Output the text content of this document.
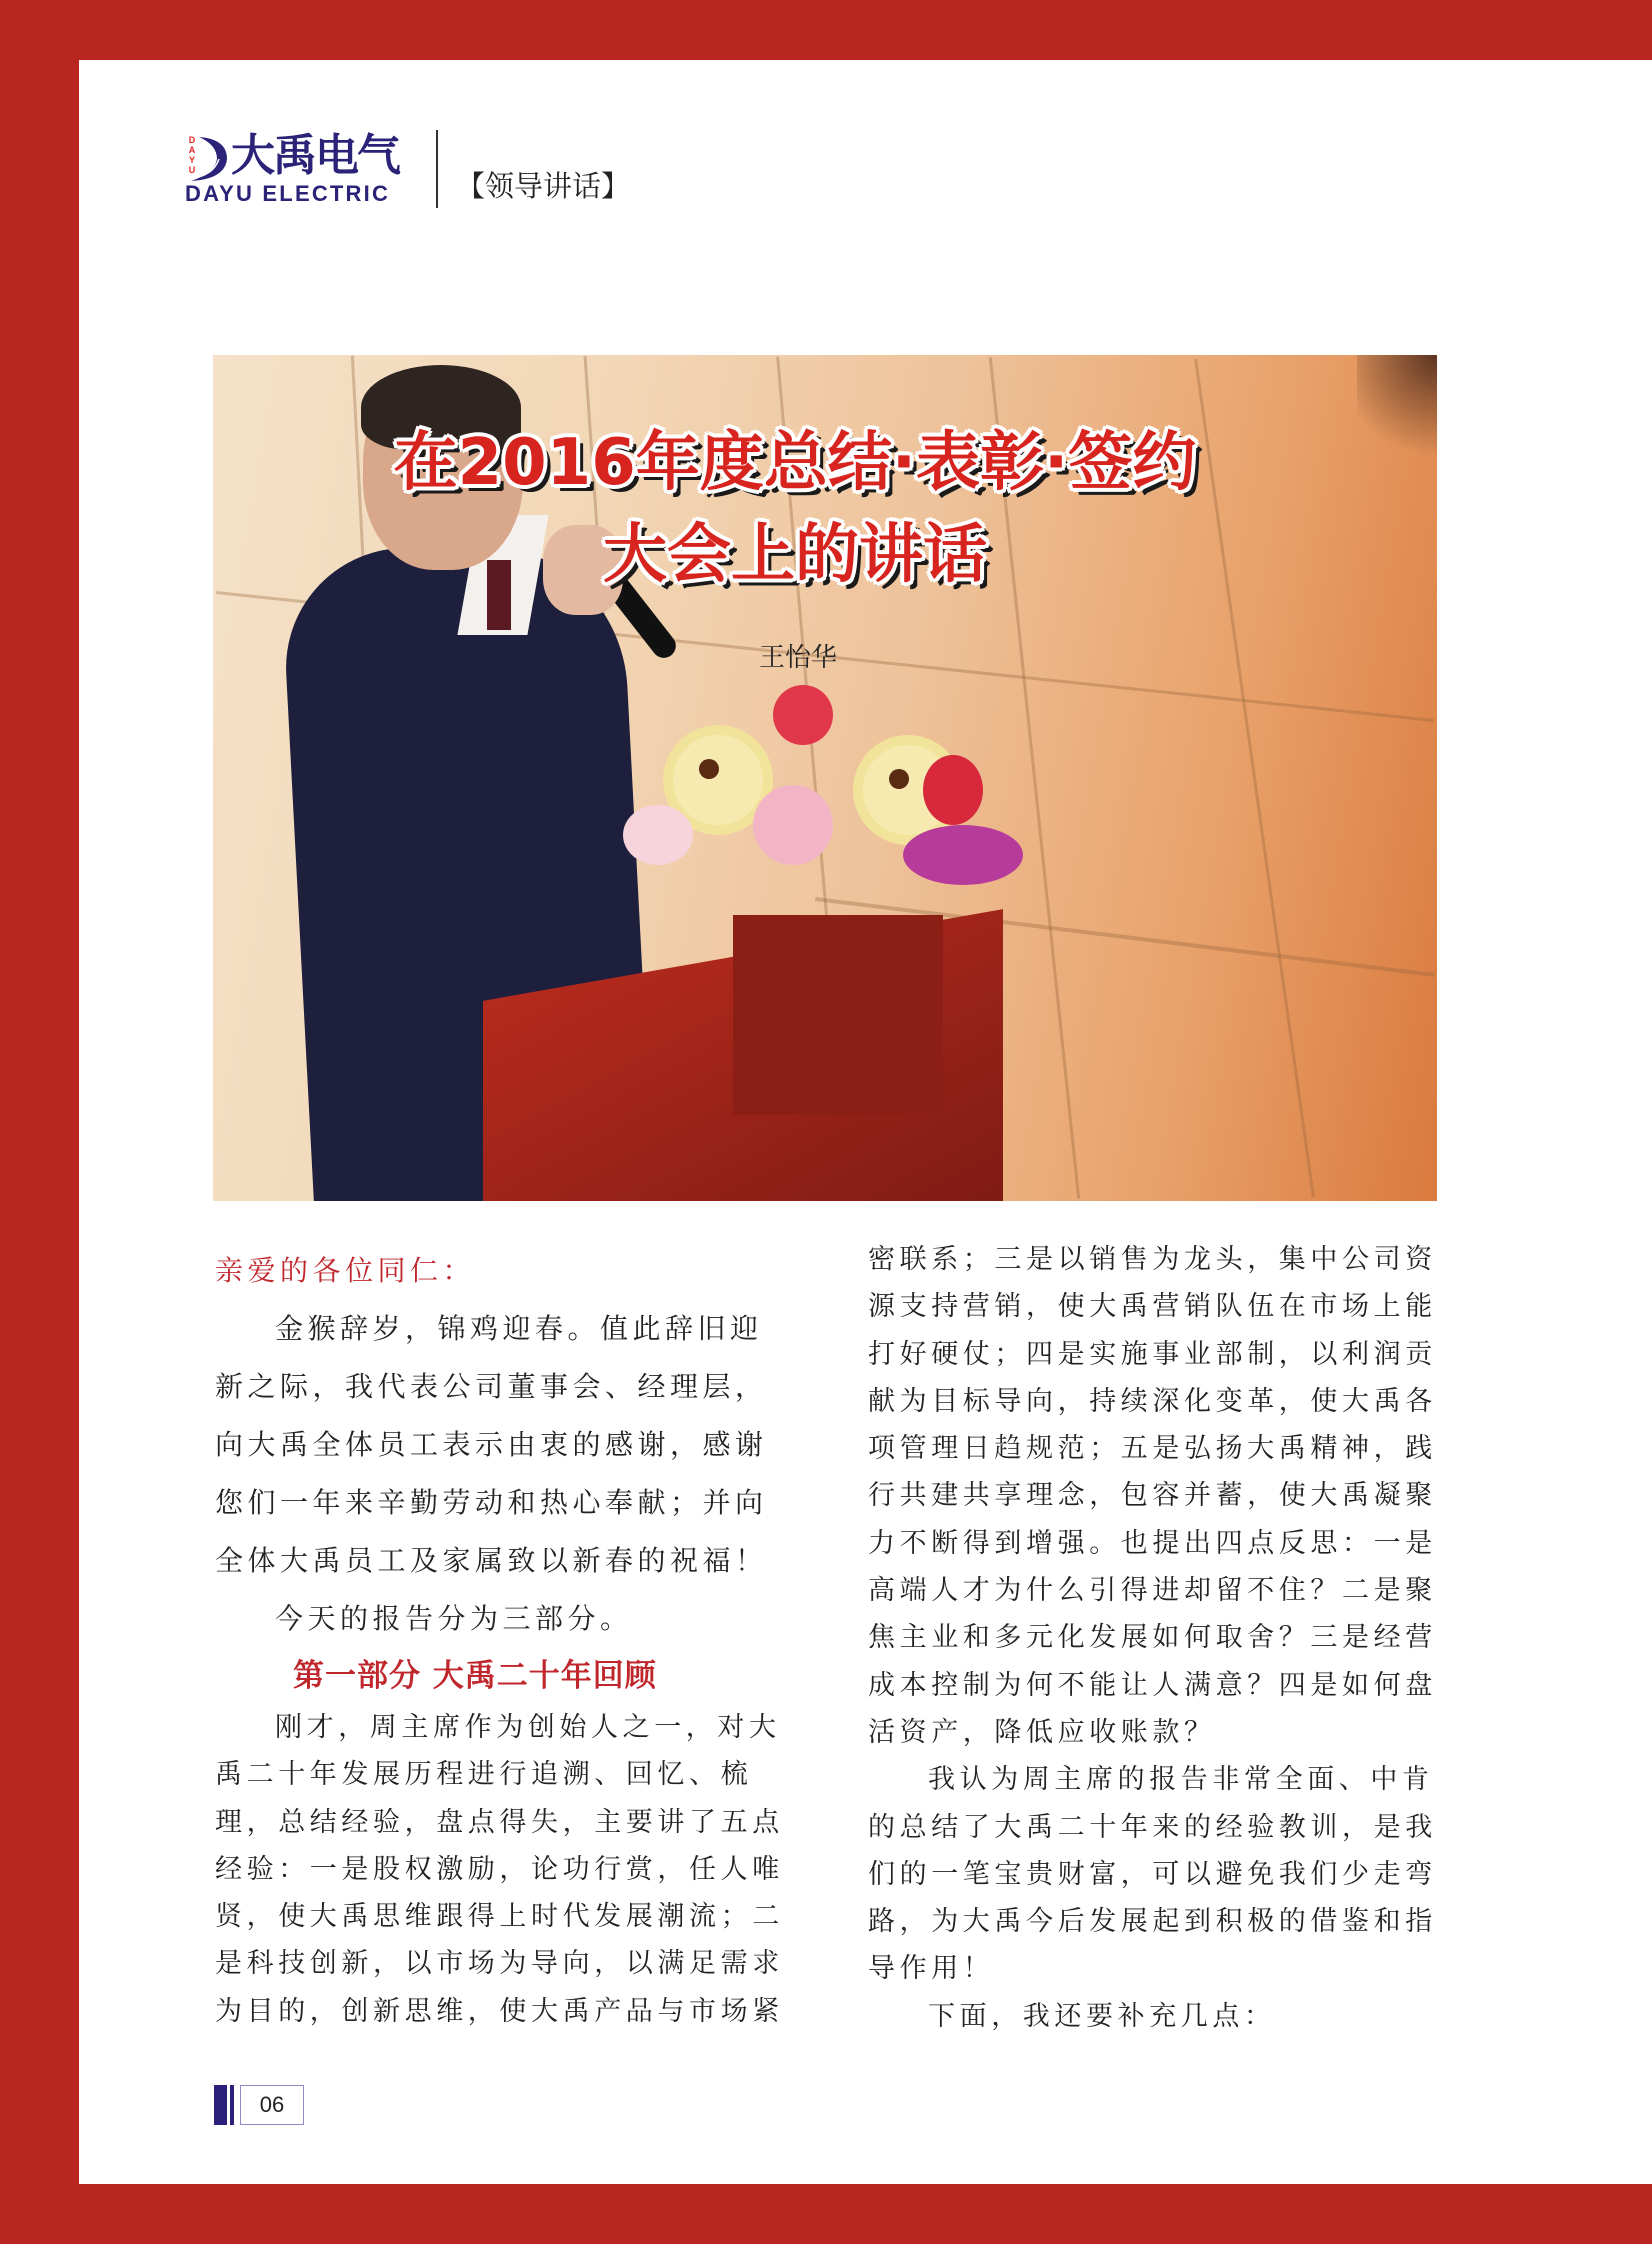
D
A
Y
U 大禹电气
DAYU ELECTRIC 【领导讲话】
在2016年度总结·表彰·签约
大会上的讲话
王怡华
亲爱的各位同仁：
金猴辞岁，锦鸡迎春。值此辞旧迎
新之际，我代表公司董事会、经理层，
向大禹全体员工表示由衷的感谢，感谢
您们一年来辛勤劳动和热心奉献；并向
全体大禹员工及家属致以新春的祝福！
今天的报告分为三部分。
第一部分 大禹二十年回顾
刚才，周主席作为创始人之一，对大
禹二十年发展历程进行追溯、回忆、梳
理，总结经验，盘点得失，主要讲了五点
经验：一是股权激励，论功行赏，任人唯
贤，使大禹思维跟得上时代发展潮流；二
是科技创新，以市场为导向，以满足需求
为目的，创新思维，使大禹产品与市场紧
密联系；三是以销售为龙头，集中公司资
源支持营销，使大禹营销队伍在市场上能
打好硬仗；四是实施事业部制，以利润贡
献为目标导向，持续深化变革，使大禹各
项管理日趋规范；五是弘扬大禹精神，践
行共建共享理念，包容并蓄，使大禹凝聚
力不断得到增强。也提出四点反思：一是
高端人才为什么引得进却留不住？二是聚
焦主业和多元化发展如何取舍？三是经营
成本控制为何不能让人满意？四是如何盘
活资产，降低应收账款？
我认为周主席的报告非常全面、中肯
的总结了大禹二十年来的经验教训，是我
们的一笔宝贵财富，可以避免我们少走弯
路，为大禹今后发展起到积极的借鉴和指
导作用！
下面，我还要补充几点：
06
